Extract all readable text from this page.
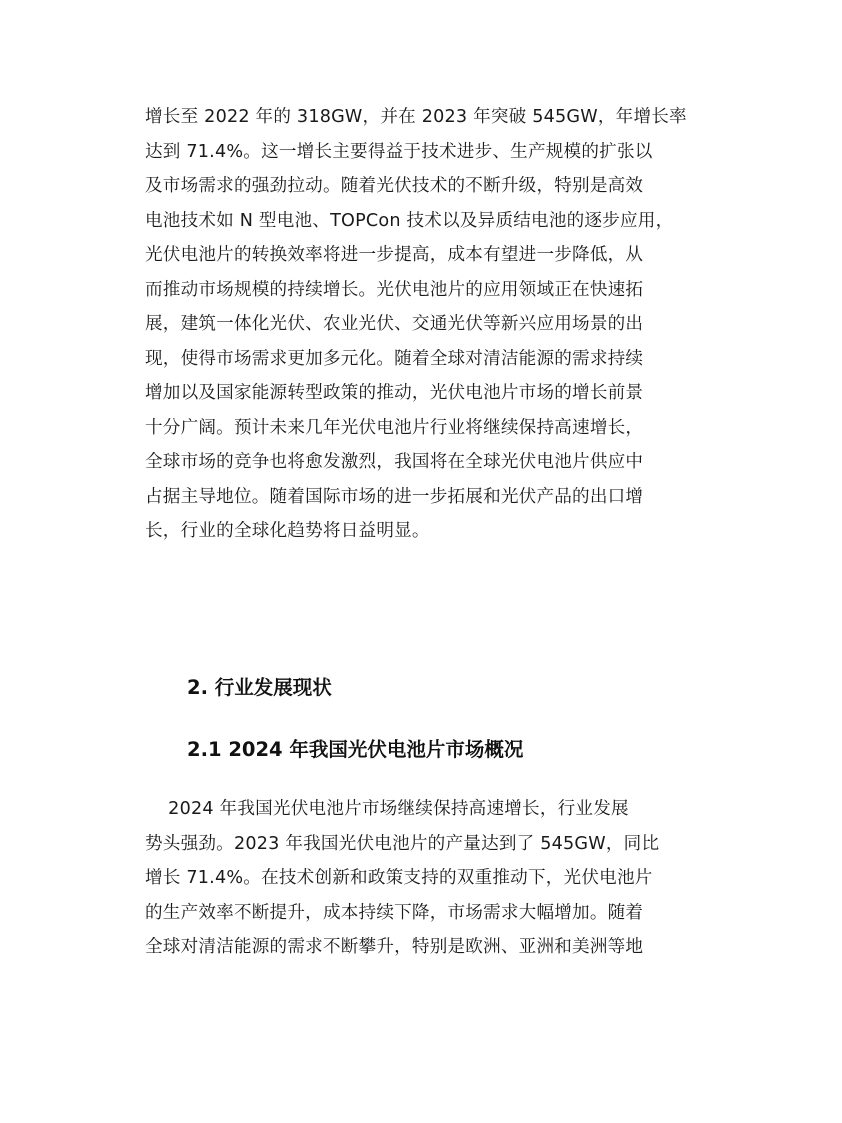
增长至 2022 年的 318GW，并在 2023 年突破 545GW，年增长率
达到 71.4%。这一增长主要得益于技术进步、生产规模的扩张以
及市场需求的强劲拉动。随着光伏技术的不断升级，特别是高效
电池技术如 N 型电池、TOPCon 技术以及异质结电池的逐步应用，
光伏电池片的转换效率将进一步提高，成本有望进一步降低，从
而推动市场规模的持续增长。光伏电池片的应用领域正在快速拓
展，建筑一体化光伏、农业光伏、交通光伏等新兴应用场景的出
现，使得市场需求更加多元化。随着全球对清洁能源的需求持续
增加以及国家能源转型政策的推动，光伏电池片市场的增长前景
十分广阔。预计未来几年光伏电池片行业将继续保持高速增长，
全球市场的竞争也将愈发激烈，我国将在全球光伏电池片供应中
占据主导地位。随着国际市场的进一步拓展和光伏产品的出口增
长，行业的全球化趋势将日益明显。
2. 行业发展现状
2.1 2024 年我国光伏电池片市场概况
2024 年我国光伏电池片市场继续保持高速增长，行业发展
势头强劲。2023 年我国光伏电池片的产量达到了 545GW，同比
增长 71.4%。在技术创新和政策支持的双重推动下，光伏电池片
的生产效率不断提升，成本持续下降，市场需求大幅增加。随着
全球对清洁能源的需求不断攀升，特别是欧洲、亚洲和美洲等地
